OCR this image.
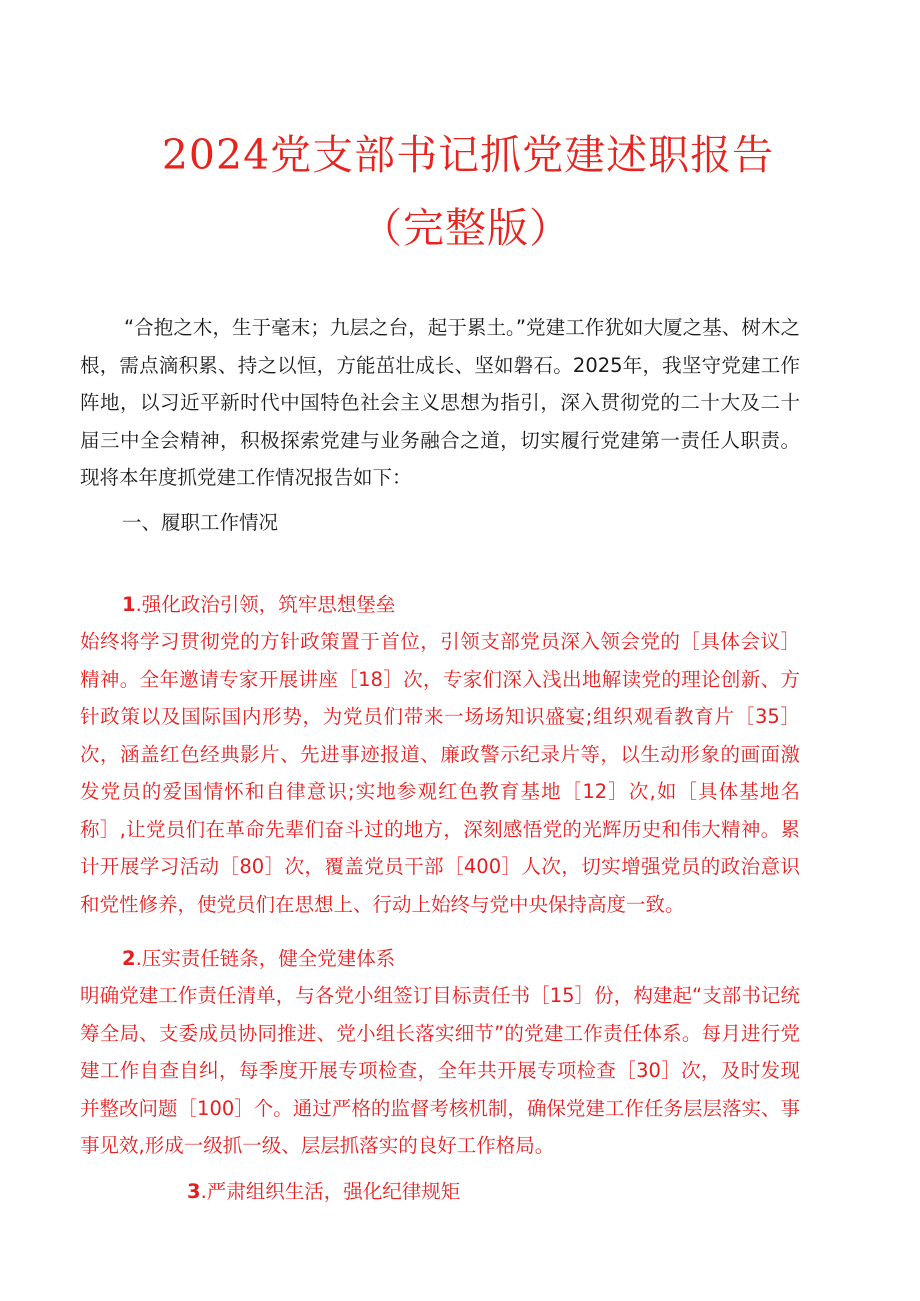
2024党支部书记抓党建述职报告
（完整版）
“合抱之木，生于毫末；九层之台，起于累土。”党建工作犹如大厦之基、树木之根，需点滴积累、持之以恒，方能茁壮成长、坚如磐石。2025年，我坚守党建工作阵地，以习近平新时代中国特色社会主义思想为指引，深入贯彻党的二十大及二十届三中全会精神，积极探索党建与业务融合之道，切实履行党建第一责任人职责。现将本年度抓党建工作情况报告如下：
一、履职工作情况
1.强化政治引领，筑牢思想堡垒
始终将学习贯彻党的方针政策置于首位，引领支部党员深入领会党的［具体会议］精神。全年邀请专家开展讲座［18］次，专家们深入浅出地解读党的理论创新、方针政策以及国际国内形势，为党员们带来一场场知识盛宴;组织观看教育片［35］次，涵盖红色经典影片、先进事迹报道、廉政警示纪录片等，以生动形象的画面激发党员的爱国情怀和自律意识;实地参观红色教育基地［12］次,如［具体基地名称］,让党员们在革命先辈们奋斗过的地方，深刻感悟党的光辉历史和伟大精神。累计开展学习活动［80］次，覆盖党员干部［400］人次，切实增强党员的政治意识和党性修养，使党员们在思想上、行动上始终与党中央保持高度一致。
2.压实责任链条，健全党建体系
明确党建工作责任清单，与各党小组签订目标责任书［15］份，构建起“支部书记统筹全局、支委成员协同推进、党小组长落实细节”的党建工作责任体系。每月进行党建工作自查自纠，每季度开展专项检查，全年共开展专项检查［30］次，及时发现并整改问题［100］个。通过严格的监督考核机制，确保党建工作任务层层落实、事事见效,形成一级抓一级、层层抓落实的良好工作格局。
3.严肃组织生活，强化纪律规矩
